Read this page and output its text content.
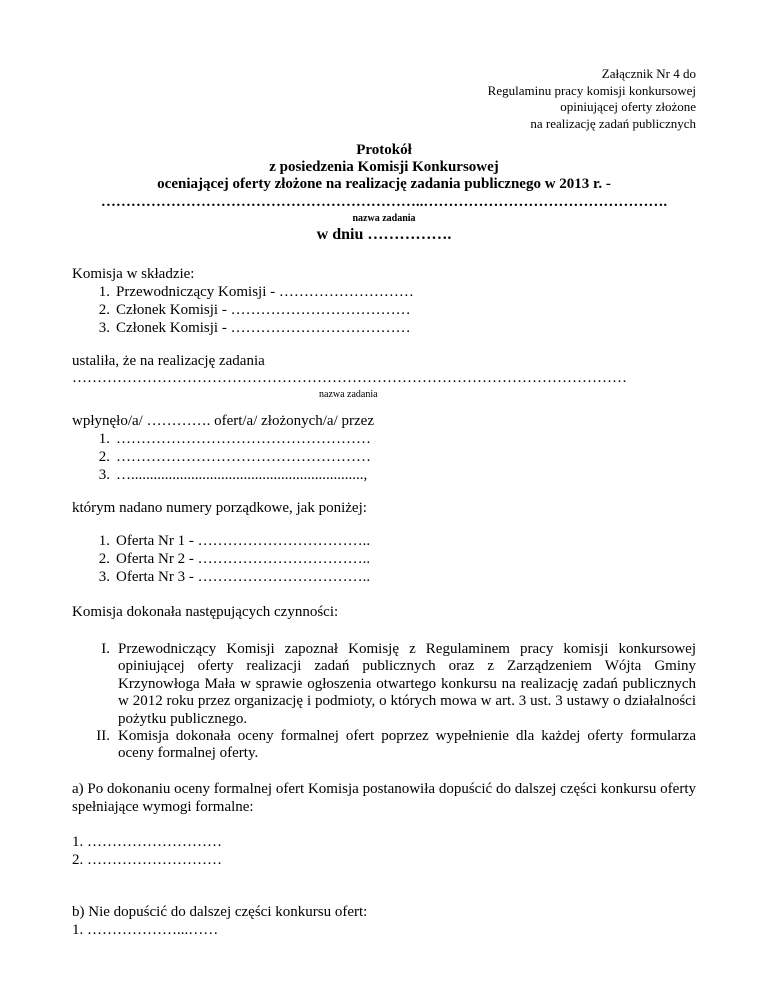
Załącznik Nr 4 do
Regulaminu pracy komisji konkursowej
opiniującej oferty złożone
na realizację zadań publicznych
Protokół
z posiedzenia Komisji Konkursowej
oceniającej oferty złożone na realizację zadania publicznego w 2013 r. -
………………………………………………………..………………………………………….
nazwa zadania
w dniu …………….
Komisja w składzie:
1. Przewodniczący Komisji - ………………………
2. Członek Komisji - ………………………………
3. Członek Komisji - ………………………………
ustaliła, że na realizację zadania
…………………………………………………………………………………………………
nazwa zadania
wpłynęło/a/ …………. ofert/a/ złożonych/a/ przez
1. ……………………………………………
2. ……………………………………………
3. …..............................................................,
którym nadano numery porządkowe, jak poniżej:
1. Oferta Nr 1 - ……………………………..
2. Oferta Nr 2 - ……………………………..
3. Oferta Nr 3 - ……………………………..
Komisja dokonała następujących czynności:
I. Przewodniczący Komisji zapoznał Komisję z Regulaminem pracy komisji konkursowej opiniującej oferty realizacji zadań publicznych oraz z Zarządzeniem Wójta Gminy Krzynowłoga Mała w sprawie ogłoszenia otwartego konkursu na realizację zadań publicznych w 2012 roku przez organizację i podmioty, o których mowa w art. 3 ust. 3 ustawy o działalności pożytku publicznego.
II. Komisja dokonała oceny formalnej ofert poprzez wypełnienie dla każdej oferty formularza oceny formalnej oferty.
a) Po dokonaniu oceny formalnej ofert Komisja postanowiła dopuścić do dalszej części konkursu oferty spełniające wymogi formalne:
1. ………………………
2. ………………………
b) Nie dopuścić do dalszej części konkursu ofert:
1. ………………...……
